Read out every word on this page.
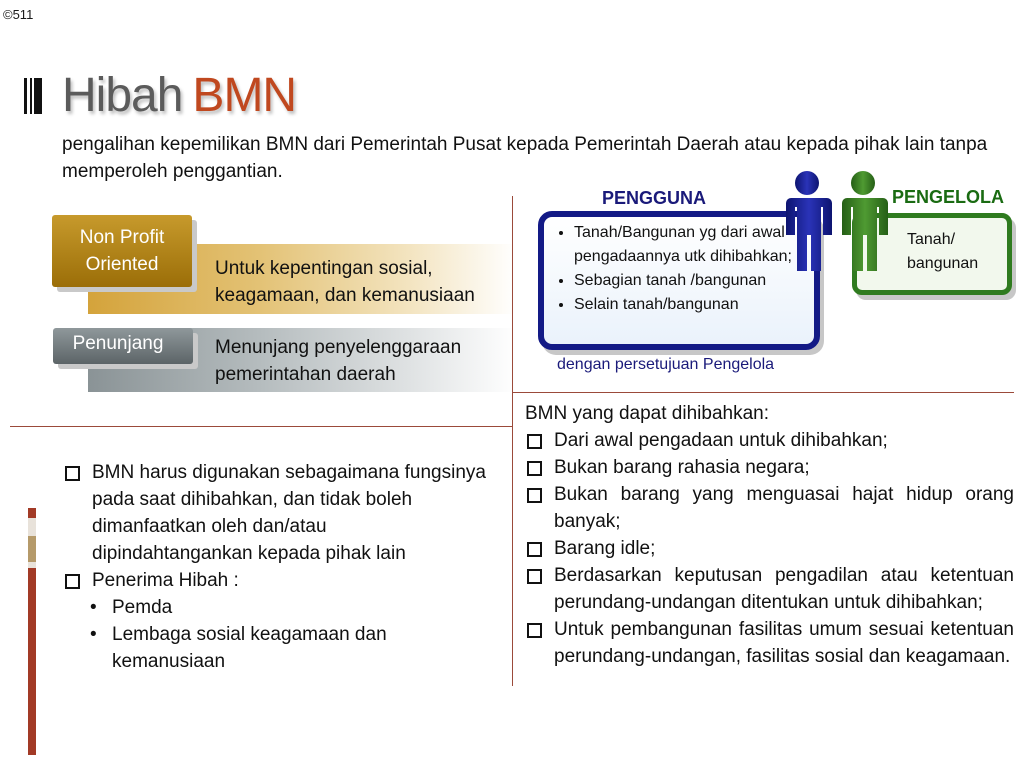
©511
Hibah BMN
pengalihan kepemilikan BMN dari Pemerintah Pusat kepada Pemerintah Daerah atau kepada pihak lain tanpa memperoleh penggantian.
Non Profit
Oriented
Penunjang
Untuk kepentingan sosial,
keagamaan, dan kemanusiaan
Menunjang penyelenggaraan
pemerintahan daerah
PENGGUNA	PENGELOLA
Tanah/
bangunan
• Tanah/Bangunan yg dari awal pengadaannya utk dihibahkan;
• Sebagian tanah /bangunan
• Selain tanah/bangunan
dengan persetujuan Pengelola
BMN harus digunakan sebagaimana fungsinya pada saat dihibahkan, dan tidak boleh dimanfaatkan oleh dan/atau dipindahtangankan kepada pihak lain
Penerima Hibah :
• Pemda
• Lembaga sosial keagamaan dan kemanusiaan
BMN yang dapat dihibahkan:
Dari awal pengadaan untuk dihibahkan;
Bukan barang rahasia negara;
Bukan barang yang menguasai hajat hidup orang banyak;
Barang idle;
Berdasarkan keputusan pengadilan atau ketentuan perundang-undangan ditentukan untuk dihibahkan;
Untuk pembangunan fasilitas umum sesuai ketentuan perundang-undangan, fasilitas sosial dan keagamaan.
